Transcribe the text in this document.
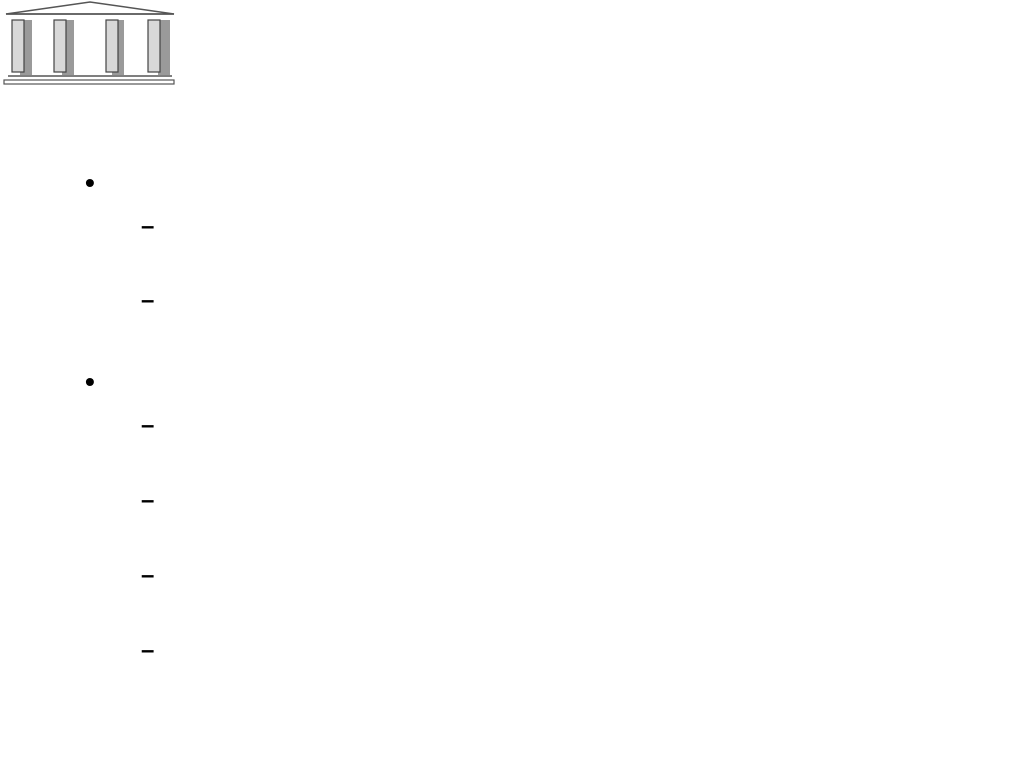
•
–

–

•
–

–

–

–
